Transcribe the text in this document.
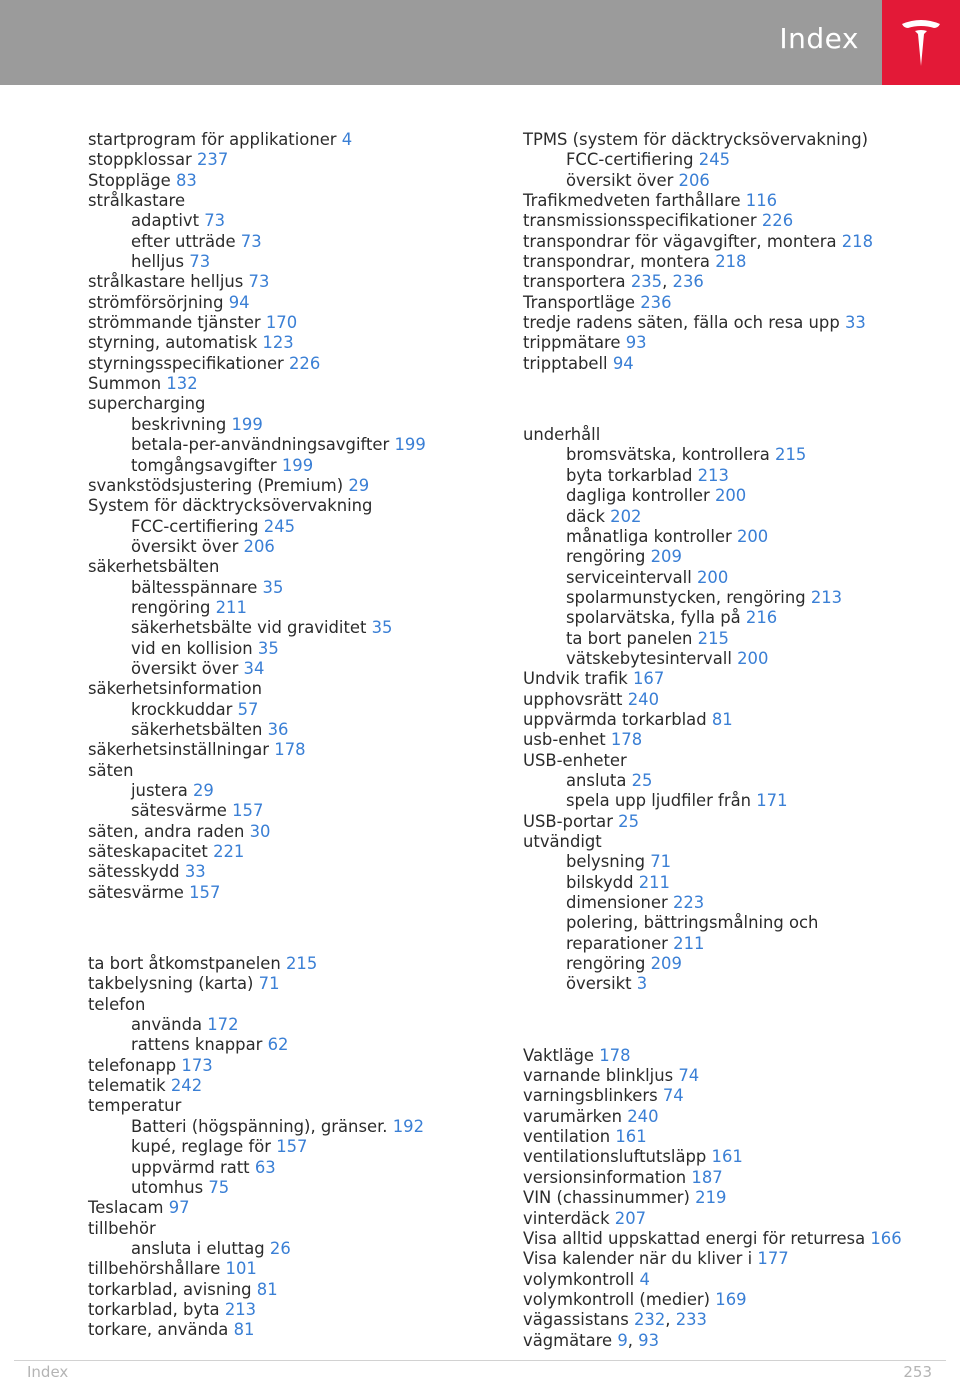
Index
startprogram för applikationer 4
stoppklossar 237
Stoppläge 83
strålkastare
adaptivt 73
efter utträde 73
helljus 73
strålkastare helljus 73
strömförsörjning 94
strömmande tjänster 170
styrning, automatisk 123
styrningsspecifikationer 226
Summon 132
supercharging
beskrivning 199
betala-per-användningsavgifter 199
tomgångsavgifter 199
svankstödsjustering (Premium) 29
System för däcktrycksövervakning
FCC-certifiering 245
översikt över 206
säkerhetsbälten
bältesspännare 35
rengöring 211
säkerhetsbälte vid graviditet 35
vid en kollision 35
översikt över 34
säkerhetsinformation
krockkuddar 57
säkerhetsbälten 36
säkerhetsinställningar 178
säten
justera 29
sätesvärme 157
säten, andra raden 30
säteskapacitet 221
sätesskydd 33
sätesvärme 157
ta bort åtkomstpanelen 215
takbelysning (karta) 71
telefon
använda 172
rattens knappar 62
telefonapp 173
telematik 242
temperatur
Batteri (högspänning), gränser. 192
kupé, reglage för 157
uppvärmd ratt 63
utomhus 75
Teslacam 97
tillbehör
ansluta i eluttag 26
tillbehörshållare 101
torkarblad, avisning 81
torkarblad, byta 213
torkare, använda 81
TPMS (system för däcktrycksövervakning)
FCC-certifiering 245
översikt över 206
Trafikmedveten farthållare 116
transmissionsspecifikationer 226
transpondrar för vägavgifter, montera 218
transpondrar, montera 218
transportera 235, 236
Transportläge 236
tredje radens säten, fälla och resa upp 33
trippmätare 93
tripptabell 94
underhåll
bromsvätska, kontrollera 215
byta torkarblad 213
dagliga kontroller 200
däck 202
månatliga kontroller 200
rengöring 209
serviceintervall 200
spolarmunstycken, rengöring 213
spolarvätska, fylla på 216
ta bort panelen 215
vätskebytesintervall 200
Undvik trafik 167
upphovsrätt 240
uppvärmda torkarblad 81
usb-enhet 178
USB-enheter
ansluta 25
spela upp ljudfiler från 171
USB-portar 25
utvändigt
belysning 71
bilskydd 211
dimensioner 223
polering, bättringsmålning och
reparationer 211
rengöring 209
översikt 3
Vaktläge 178
varnande blinkljus 74
varningsblinkers 74
varumärken 240
ventilation 161
ventilationsluftutsläpp 161
versionsinformation 187
VIN (chassinummer) 219
vinterdäck 207
Visa alltid uppskattad energi för returresa 166
Visa kalender när du kliver i 177
volymkontroll 4
volymkontroll (medier) 169
vägassistans 232, 233
vägmätare 9, 93
Index	253
